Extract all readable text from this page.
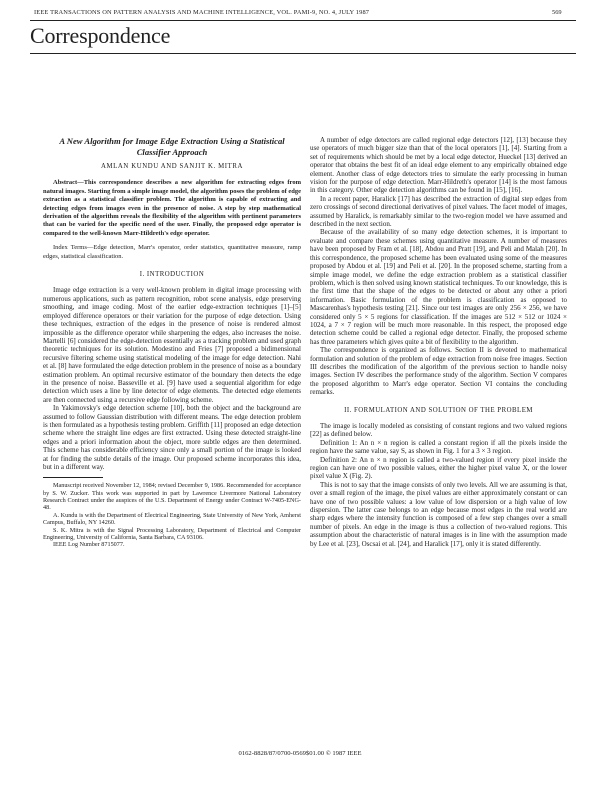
IEEE TRANSACTIONS ON PATTERN ANALYSIS AND MACHINE INTELLIGENCE, VOL. PAMI-9, NO. 4, JULY 1987	569
Correspondence
A New Algorithm for Image Edge Extraction Using a Statistical Classifier Approach
AMLAN KUNDU AND SANJIT K. MITRA

Abstract—This correspondence describes a new algorithm for extracting edges from natural images. Starting from a simple image model, the algorithm poses the problem of edge extraction as a statistical classifier problem. The algorithm is capable of extracting and detecting edges from images even in the presence of noise. A step by step mathematical derivation of the algorithm reveals the flexibility of the algorithm with pertinent parameters that can be varied for the specific need of the user. Finally, the proposed edge operator is compared to the well-known Marr-Hildreth's edge operator.

Index Terms—Edge detection, Marr's operator, order statistics, quantitative measure, ramp edges, statistical classification.

I. INTRODUCTION

Image edge extraction is a very well-known problem in digital image processing with numerous applications, such as pattern recognition, robot scene analysis, edge preserving smoothing, and image coding. Most of the earlier edge-extraction techniques [1]–[5] employed difference operators or their variation for the purpose of edge detection. Using these techniques, extraction of the edges in the presence of noise is rendered almost impossible as the difference operator while sharpening the edges, also increases the noise. Martelli [6] considered the edge-detection essentially as a tracking problem and used graph theoretic techniques for its solution. Modestino and Fries [7] proposed a bidimensional recursive filtering scheme using statistical modeling of the image for edge detection. Nahi et al. [8] have formulated the edge detection problem in the presence of noise as a boundary estimation problem. An optimal recursive estimator of the boundary then detects the edge in the presence of noise. Basseville et al. [9] have used a sequential algorithm for edge detection which uses a line by line detector of edge elements. The detected edge elements are then connected using a recursive edge following scheme.

In Yakimovsky's edge detection scheme [10], both the object and the background are assumed to follow Gaussian distribution with different means. The edge detection problem is then formulated as a hypothesis testing problem. Griffith [11] proposed an edge detection scheme where the straight line edges are first extracted. Using these detected straight-line edges and a priori information about the object, more subtle edges are then determined. This scheme has considerable efficiency since only a small portion of the image is looked at for finding the subtle details of the image. Our proposed scheme incorporates this idea, but in a different way.

Manuscript received November 12, 1984; revised December 9, 1986. Recommended for acceptance by S. W. Zucker. This work was supported in part by Lawrence Livermore National Laboratory Research Contract under the auspices of the U.S. Department of Energy under Contract W-7405-ENG-48.

A. Kundu is with the Department of Electrical Engineering, State University of New York, Amherst Campus, Buffalo, NY 14260.

S. K. Mitra is with the Signal Processing Laboratory, Department of Electrical and Computer Engineering, University of California, Santa Barbara, CA 93106.

IEEE Log Number 8715077.

A number of edge detectors are called regional edge detectors [12], [13] because they use operators of much bigger size than that of the local operators [1], [4]. Starting from a set of requirements which should be met by a local edge detector, Hueckel [13] derived an operator that obtains the best fit of an ideal edge element to any empirically obtained edge element. Another class of edge detectors tries to simulate the early processing in human vision for the purpose of edge detection. Marr-Hildreth's operator [14] is the most famous in this category. Other edge detection algorithms can be found in [15], [16].

In a recent paper, Haralick [17] has described the extraction of digital step edges from zero crossings of second directional derivatives of pixel values. The facet model of images, assumed by Haralick, is remarkably similar to the two-region model we have assumed and described in the next section.

Because of the availability of so many edge detection schemes, it is important to evaluate and compare these schemes using quantitative measure. A number of measures have been proposed by Fram et al. [18], Abdou and Pratt [19], and Peli and Malah [20]. In this correspondence, the proposed scheme has been evaluated using some of the measures proposed by Abdou et al. [19] and Peli et al. [20]. In the proposed scheme, starting from a simple image model, we define the edge extraction problem as a statistical classifier problem, which is then solved using known statistical techniques. To our knowledge, this is the first time that the shape of the edges to be detected or about any other a priori information. Basic formulation of the problem is classification as opposed to Mascarenhas's hypothesis testing [21]. Since our test images are only 256 × 256, we have considered only 5 × 5 regions for classification. If the images are 512 × 512 or 1024 × 1024, a 7 × 7 region will be much more reasonable. In this respect, the proposed edge detection scheme could be called a regional edge detector. Finally, the proposed scheme has three parameters which gives quite a bit of flexibility to the algorithm.

The correspondence is organized as follows. Section II is devoted to mathematical formulation and solution of the problem of edge extraction from noise free images. Section III describes the modification of the algorithm of the previous section to handle noisy images. Section IV describes the performance study of the algorithm. Section V compares the proposed algorithm to Marr's edge operator. Section VI contains the concluding remarks.

II. FORMULATION AND SOLUTION OF THE PROBLEM

The image is locally modeled as consisting of constant regions and two valued regions [22] as defined below.

Definition 1: An n × n region is called a constant region if all the pixels inside the region have the same value, say S, as shown in Fig. 1 for a 3 × 3 region.

Definition 2: An n × n region is called a two-valued region if every pixel inside the region can have one of two possible values, either the higher pixel value X, or the lower pixel value X (Fig. 2).

This is not to say that the image consists of only two levels. All we are assuming is that, over a small region of the image, the pixel values are either approximately constant or can have one of two possible values: a low value of low dispersion or a high value of low dispersion. The latter case belongs to an edge because most edges in the real world are sharp edges where the intensity function is composed of a few step changes over a small number of pixels. An edge in the image is thus a collection of two-valued regions. This assumption about the characteristic of natural images is in line with the assumption made by Lee et al. [23], Oscsai et al. [24], and Haralick [17], only it is stated differently.

0162-8828/87/0700-0569$01.00 © 1987 IEEE
